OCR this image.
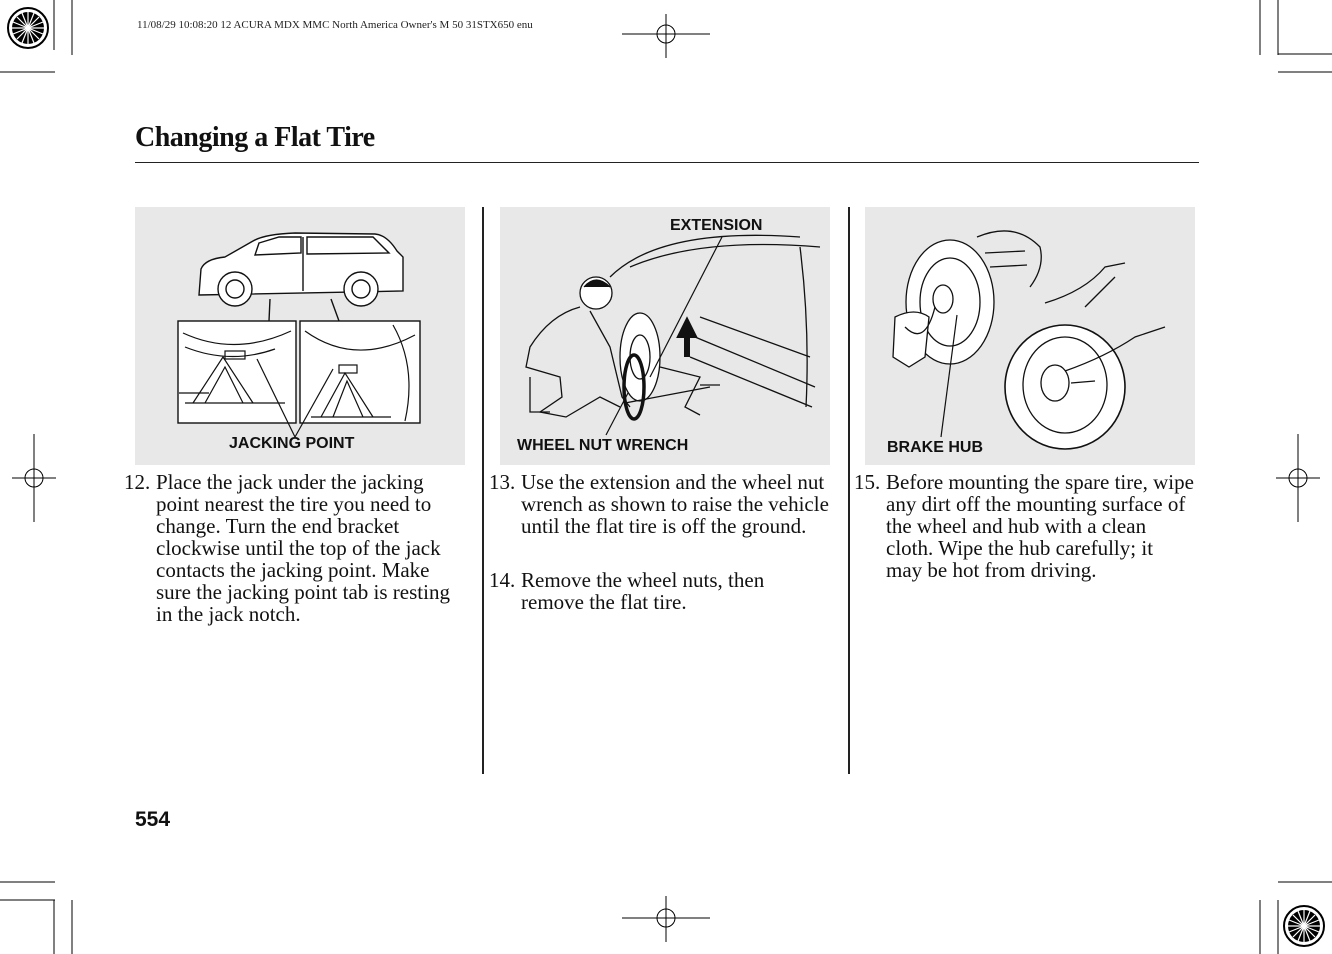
11/08/29 10:08:20 12 ACURA MDX MMC North America Owner's M 50 31STX650 enu
Changing a Flat Tire
JACKING POINT
EXTENSION
WHEEL NUT WRENCH	BRAKE HUB
12. Place the jack under the jacking point nearest the tire you need to change. Turn the end bracket clockwise until the top of the jack contacts the jacking point. Make sure the jacking point tab is resting in the jack notch.
13. Use the extension and the wheel nut wrench as shown to raise the vehicle until the flat tire is off the ground.
14. Remove the wheel nuts, then remove the flat tire.
15. Before mounting the spare tire, wipe any dirt off the mounting surface of the wheel and hub with a clean cloth. Wipe the hub carefully; it may be hot from driving.
554
